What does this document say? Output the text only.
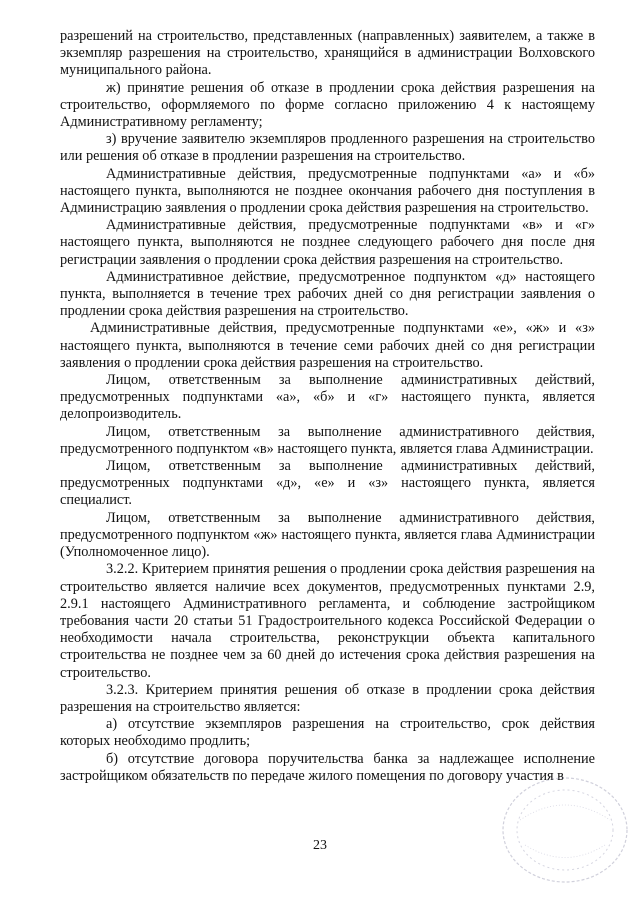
разрешений на строительство, представленных (направленных) заявителем, а также в экземпляр разрешения на строительство, хранящийся в администрации Волховского муниципального района.

ж) принятие решения об отказе в продлении срока действия разрешения на строительство, оформляемого по форме согласно приложению 4 к настоящему Административному регламенту;

з) вручение заявителю экземпляров продленного разрешения на строительство или решения об отказе в продлении разрешения на строительство.

Административные действия, предусмотренные подпунктами «а» и «б» настоящего пункта, выполняются не позднее окончания рабочего дня поступления в Администрацию заявления о продлении срока действия разрешения на строительство.

Административные действия, предусмотренные подпунктами «в» и «г» настоящего пункта, выполняются не позднее следующего рабочего дня после дня регистрации заявления о продлении срока действия разрешения на строительство.

Административное действие, предусмотренное подпунктом «д» настоящего пункта, выполняется в течение трех рабочих дней со дня регистрации заявления о продлении срока действия разрешения на строительство.

Административные действия, предусмотренные подпунктами «е», «ж» и «з» настоящего пункта, выполняются в течение семи рабочих дней со дня регистрации заявления о продлении срока действия разрешения на строительство.

Лицом, ответственным за выполнение административных действий, предусмотренных подпунктами «а», «б» и «г» настоящего пункта, является делопроизводитель.

Лицом, ответственным за выполнение административного действия, предусмотренного подпунктом «в» настоящего пункта, является глава Администрации.

Лицом, ответственным за выполнение административных действий, предусмотренных подпунктами «д», «е» и «з» настоящего пункта, является специалист.

Лицом, ответственным за выполнение административного действия, предусмотренного подпунктом «ж» настоящего пункта, является глава Администрации (Уполномоченное лицо).

3.2.2. Критерием принятия решения о продлении срока действия разрешения на строительство является наличие всех документов, предусмотренных пунктами 2.9, 2.9.1 настоящего Административного регламента, и соблюдение застройщиком требования части 20 статьи 51 Градостроительного кодекса Российской Федерации о необходимости начала строительства, реконструкции объекта капитального строительства не позднее чем за 60 дней до истечения срока действия разрешения на строительство.

3.2.3. Критерием принятия решения об отказе в продлении срока действия разрешения на строительство является:

а) отсутствие экземпляров разрешения на строительство, срок действия которых необходимо продлить;

б) отсутствие договора поручительства банка за надлежащее исполнение застройщиком обязательств по передаче жилого помещения по договору участия в

23
